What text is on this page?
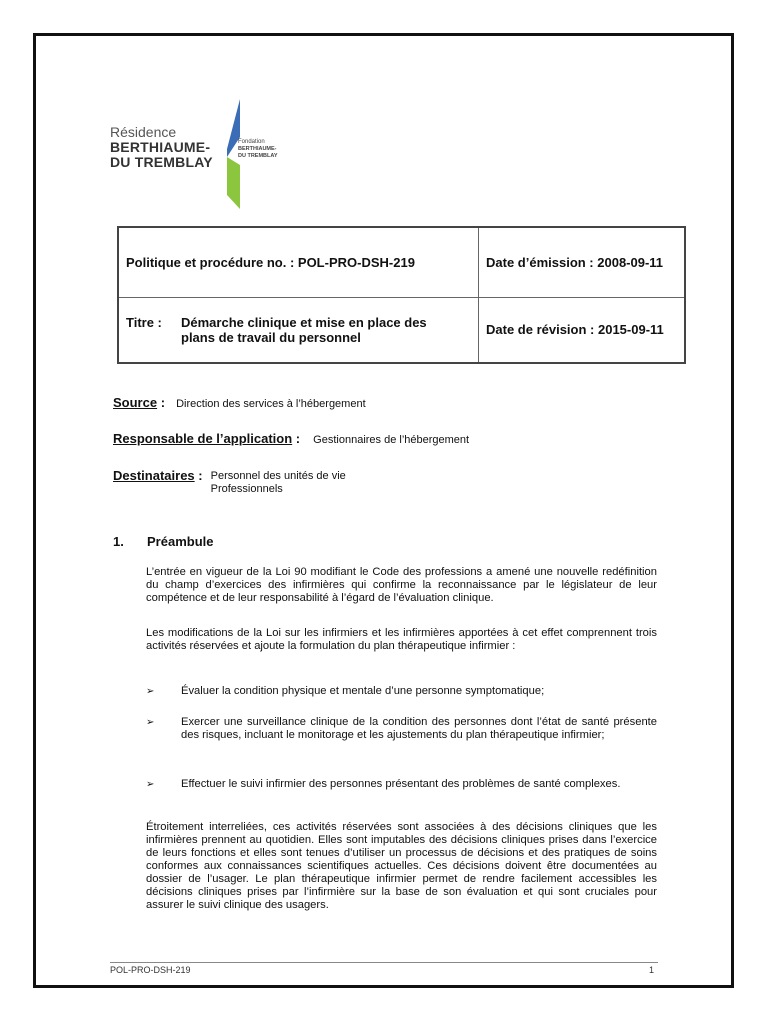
Résidence
BERTHIAUME-
DU TREMBLAY
Fondation
BERTHIAUME-
DU TREMBLAY
Politique et procédure no. : POL-PRO-DSH-219	Date d’émission : 2008-09-11

Titre : Démarche clinique et mise en place des
plans de travail du personnel	Date de révision : 2015-09-11
Source : Direction des services à l’hébergement
Responsable de l’application : Gestionnaires de l’hébergement
Destinataires : Personnel des unités de vie
Professionnels
1. Préambule
L’entrée en vigueur de la Loi 90 modifiant le Code des professions a amené une nouvelle redéfinition du champ d’exercices des infirmières qui confirme la reconnaissance par le législateur de leur compétence et de leur responsabilité à l’égard de l’évaluation clinique.
Les modifications de la Loi sur les infirmiers et les infirmières apportées à cet effet comprennent trois activités réservées et ajoute la formulation du plan thérapeutique infirmier :
➢ Évaluer la condition physique et mentale d’une personne symptomatique;
➢ Exercer une surveillance clinique de la condition des personnes dont l’état de santé présente des risques, incluant le monitorage et les ajustements du plan thérapeutique infirmier;
➢ Effectuer le suivi infirmier des personnes présentant des problèmes de santé complexes.
Étroitement interreliées, ces activités réservées sont associées à des décisions cliniques que les infirmières prennent au quotidien. Elles sont imputables des décisions cliniques prises dans l’exercice de leurs fonctions et elles sont tenues d’utiliser un processus de décisions et des pratiques de soins conformes aux connaissances scientifiques actuelles. Ces décisions doivent être documentées au dossier de l’usager. Le plan thérapeutique infirmier permet de rendre facilement accessibles les décisions cliniques prises par l’infirmière sur la base de son évaluation et qui sont cruciales pour assurer le suivi clinique des usagers.
POL-PRO-DSH-219	1
